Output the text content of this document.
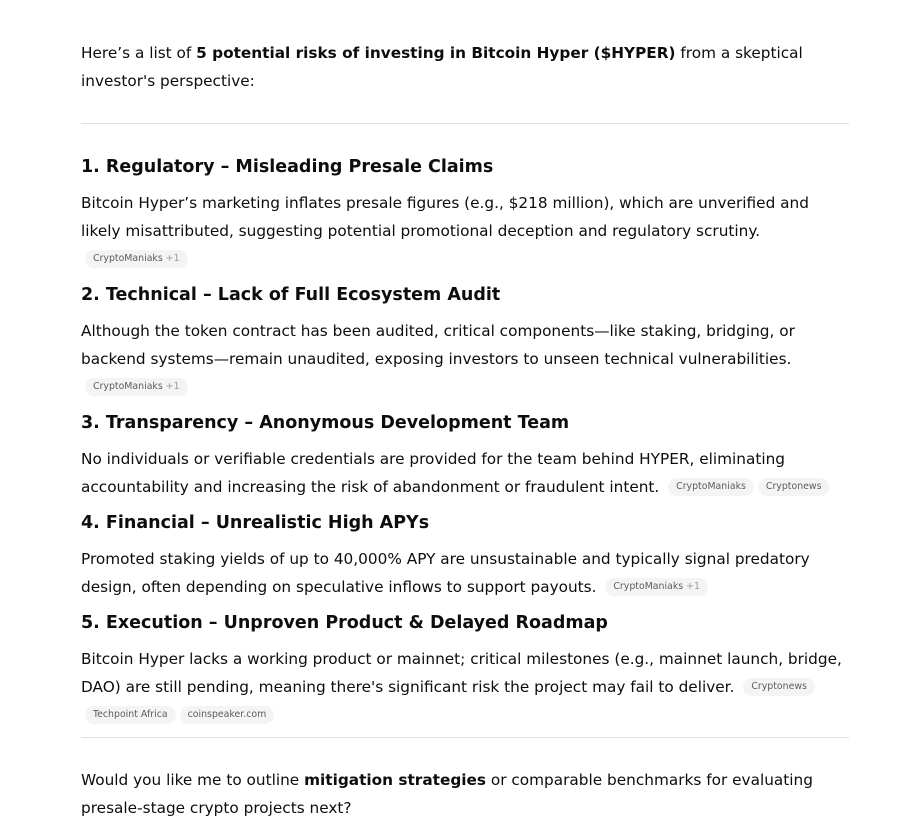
Here’s a list of 5 potential risks of investing in Bitcoin Hyper ($HYPER) from a skeptical investor's perspective:

1. Regulatory – Misleading Presale Claims

Bitcoin Hyper’s marketing inflates presale figures (e.g., $218 million), which are unverified and likely misattributed, suggesting potential promotional deception and regulatory scrutiny. CryptoManiaks +1

2. Technical – Lack of Full Ecosystem Audit

Although the token contract has been audited, critical components—like staking, bridging, or backend systems—remain unaudited, exposing investors to unseen technical vulnerabilities. CryptoManiaks +1

3. Transparency – Anonymous Development Team

No individuals or verifiable credentials are provided for the team behind HYPER, eliminating accountability and increasing the risk of abandonment or fraudulent intent. CryptoManiaks Cryptonews

4. Financial – Unrealistic High APYs

Promoted staking yields of up to 40,000% APY are unsustainable and typically signal predatory design, often depending on speculative inflows to support payouts. CryptoManiaks +1

5. Execution – Unproven Product & Delayed Roadmap

Bitcoin Hyper lacks a working product or mainnet; critical milestones (e.g., mainnet launch, bridge, DAO) are still pending, meaning there's significant risk the project may fail to deliver. CryptonewsTechpoint Africa coinspeaker.com

Would you like me to outline mitigation strategies or comparable benchmarks for evaluating presale-stage crypto projects next?
